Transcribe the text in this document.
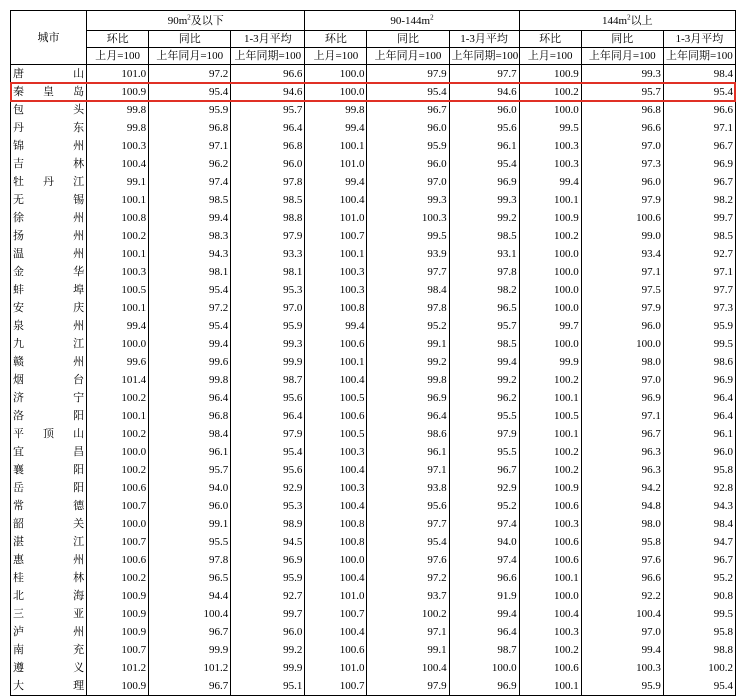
城市	$90m^2$及以下			$90-144m^2$			$144m^2$以上		
	环比	同比	1-3月平均	环比	同比	1-3月平均	环比	同比	1-3月平均
	上月=100	上年同月=100	上年同期=100	上月=100	上年同月=100	上年同期=100	上月=100	上年同月=100	上年同期=100

唐山	101.0	97.2	96.6	100.0	97.9	97.7	100.9	99.3	98.4

秦皇岛	100.9	95.4	94.6	100.0	95.4	94.6	100.2	95.7	95.4

包头	99.8	95.9	95.7	99.8	96.7	96.0	100.0	96.8	96.6

丹东	99.8	96.8	96.4	99.4	96.0	95.6	99.5	96.6	97.1

锦州	100.3	97.1	96.8	100.1	95.9	96.1	100.3	97.0	96.7

吉林	100.4	96.2	96.0	101.0	96.0	95.4	100.3	97.3	96.9

牡丹江	99.1	97.4	97.8	99.4	97.0	96.9	99.4	96.0	96.7

无锡	100.1	98.5	98.5	100.4	99.3	99.3	100.1	97.9	98.2

徐州	100.8	99.4	98.8	101.0	100.3	99.2	100.9	100.6	99.7

扬州	100.2	98.3	97.9	100.7	99.5	98.5	100.2	99.0	98.5

温州	100.1	94.3	93.3	100.1	93.9	93.1	100.0	93.4	92.7

金华	100.3	98.1	98.1	100.3	97.7	97.8	100.0	97.1	97.1

蚌埠	100.5	95.4	95.3	100.3	98.4	98.2	100.0	97.5	97.7

安庆	100.1	97.2	97.0	100.8	97.8	96.5	100.0	97.9	97.3

泉州	99.4	95.4	95.9	99.4	95.2	95.7	99.7	96.0	95.9

九江	100.0	99.4	99.3	100.6	99.1	98.5	100.0	100.0	99.5

赣州	99.6	99.6	99.9	100.1	99.2	99.4	99.9	98.0	98.6

烟台	101.4	99.8	98.7	100.4	99.8	99.2	100.2	97.0	96.9

济宁	100.2	96.4	95.6	100.5	96.9	96.2	100.1	96.9	96.4

洛阳	100.1	96.8	96.4	100.6	96.4	95.5	100.5	97.1	96.4

平顶山	100.2	98.4	97.9	100.5	98.6	97.9	100.1	96.7	96.1

宜昌	100.0	96.1	95.4	100.3	96.1	95.5	100.2	96.3	96.0

襄阳	100.2	95.7	95.6	100.4	97.1	96.7	100.2	96.3	95.8

岳阳	100.6	94.0	92.9	100.3	93.8	92.9	100.9	94.2	92.8

常德	100.7	96.0	95.3	100.4	95.6	95.2	100.6	94.8	94.3

韶关	100.0	99.1	98.9	100.8	97.7	97.4	100.3	98.0	98.4

湛江	100.7	95.5	94.5	100.8	95.4	94.0	100.6	95.8	94.7

惠州	100.6	97.8	96.9	100.0	97.6	97.4	100.6	97.6	96.7

桂林	100.2	96.5	95.9	100.4	97.2	96.6	100.1	96.6	95.2

北海	100.9	94.4	92.7	101.0	93.7	91.9	100.0	92.2	90.8

三亚	100.9	100.4	99.7	100.7	100.2	99.4	100.4	100.4	99.5

泸州	100.9	96.7	96.0	100.4	97.1	96.4	100.3	97.0	95.8

南充	100.7	99.9	99.2	100.6	99.1	98.7	100.2	99.4	98.8

遵义	101.2	101.2	99.9	101.0	100.4	100.0	100.6	100.3	100.2

大理	100.9	96.7	95.1	100.7	97.9	96.9	100.1	95.9	95.4
